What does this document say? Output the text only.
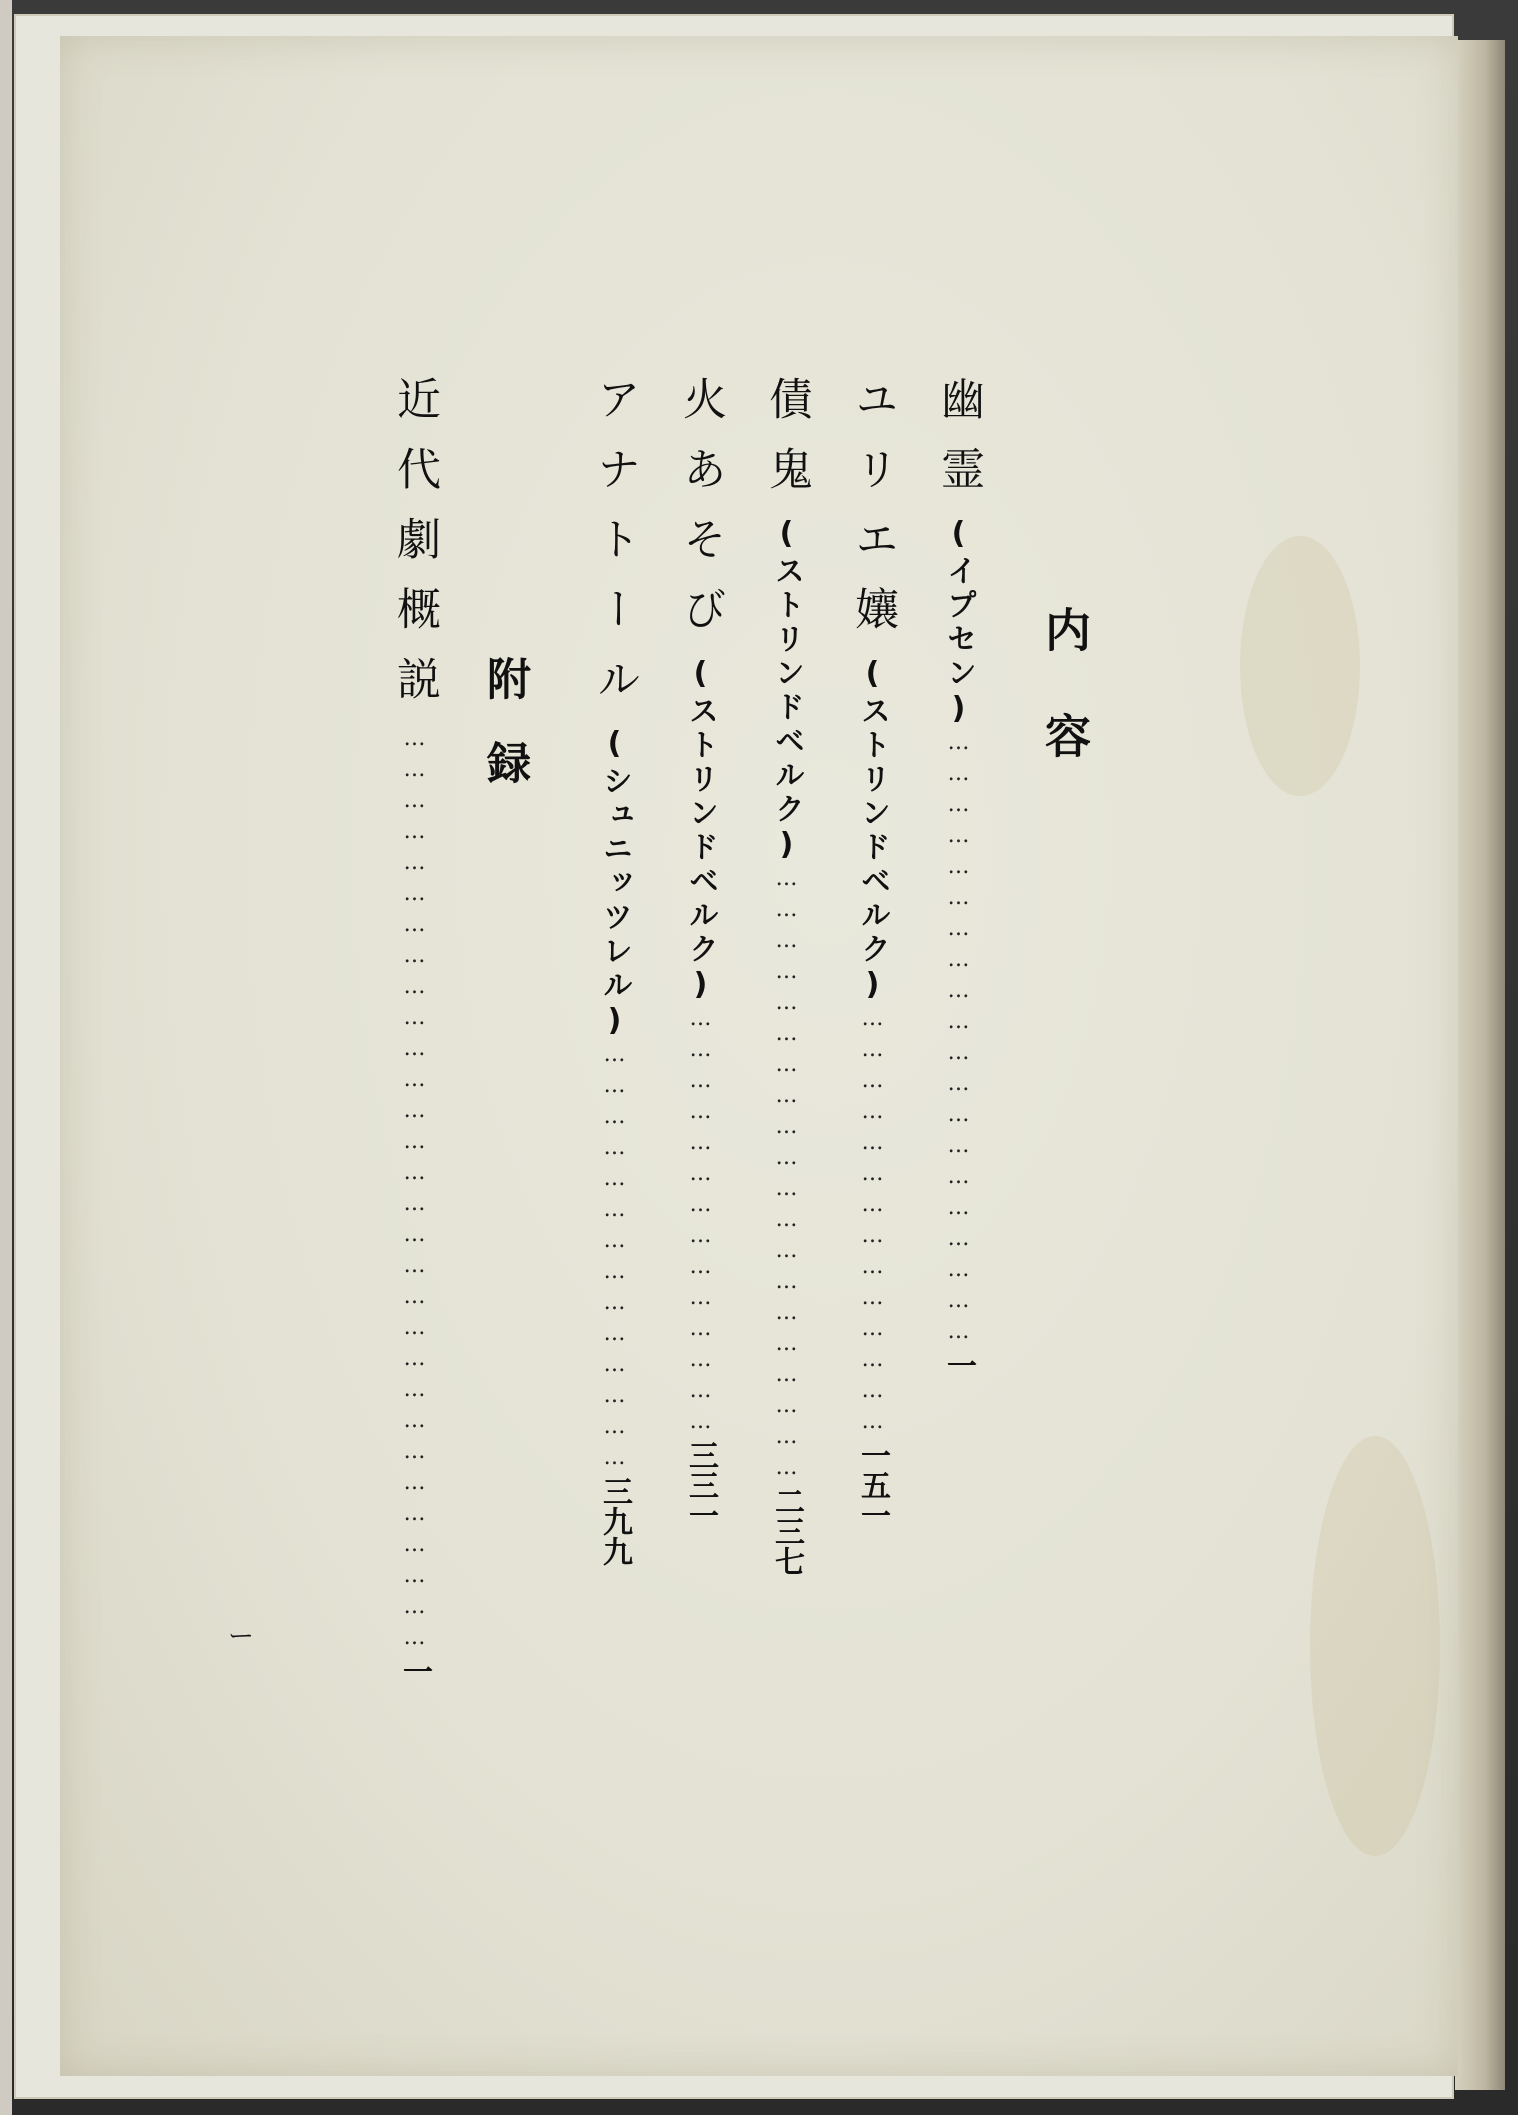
内容
幽霊(イプセン)……………………………………………………一
ユリエ孃(ストリンドベルク)……………………………………一五一
債鬼(ストリンドベルク)……………………………………………………二三七
火あそび(ストリンドベルク)……………………………………三三一
アナトール(シュニッツレル)……………………………………三九九
附録
近代劇概説………………………………………………………………………………一
ー
